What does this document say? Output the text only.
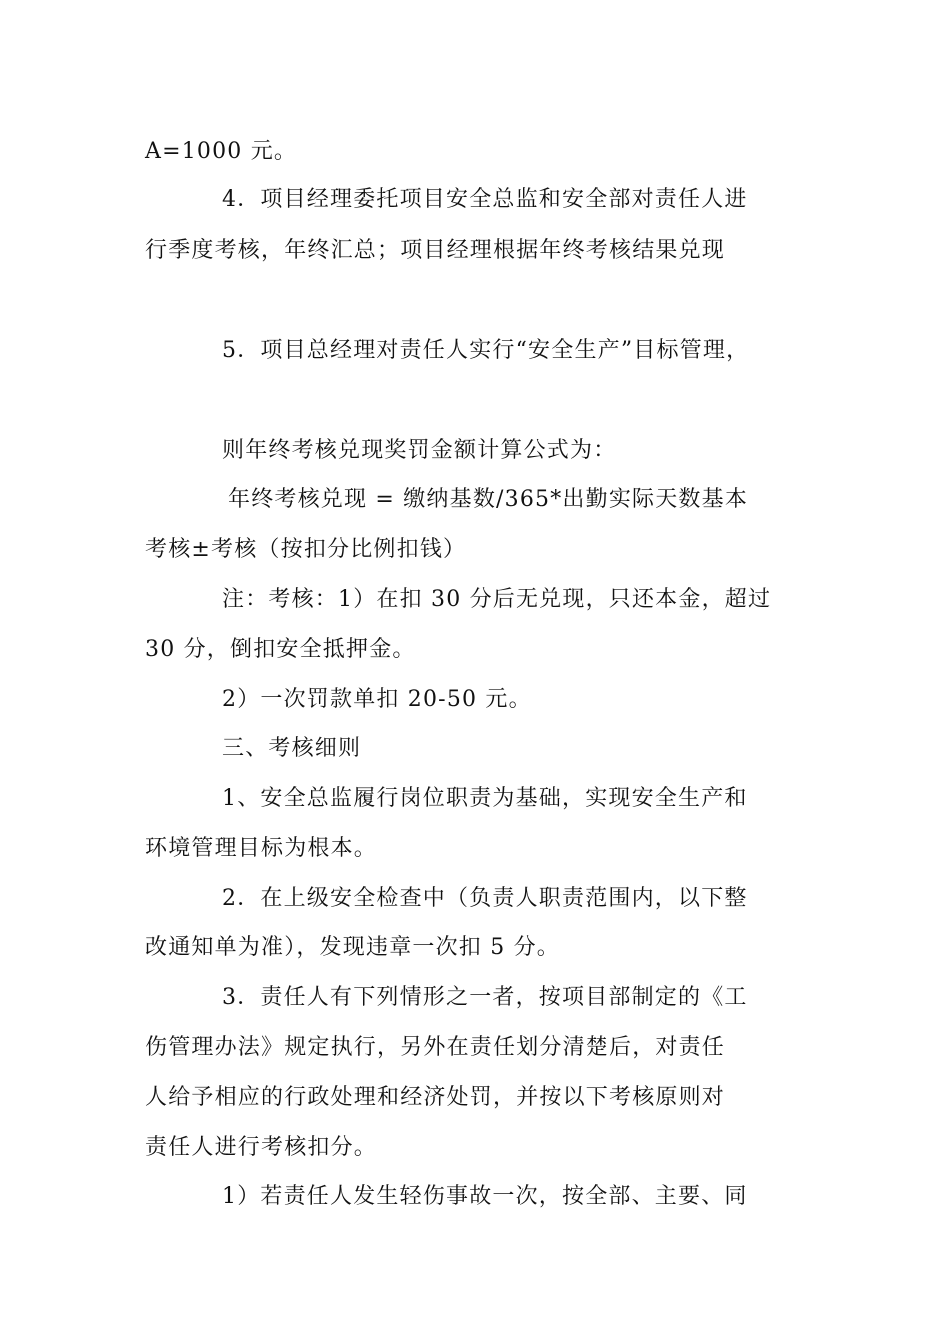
A=1000 元。
4．项目经理委托项目安全总监和安全部对责任人进
行季度考核，年终汇总；项目经理根据年终考核结果兑现
5．项目总经理对责任人实行“安全生产”目标管理，
则年终考核兑现奖罚金额计算公式为：
年终考核兑现 = 缴纳基数/365*出勤实际天数基本
考核±考核（按扣分比例扣钱）
注：考核：1）在扣 30 分后无兑现，只还本金，超过
30 分，倒扣安全抵押金。
2）一次罚款单扣 20-50 元。
三、考核细则
1、安全总监履行岗位职责为基础，实现安全生产和
环境管理目标为根本。
2．在上级安全检查中（负责人职责范围内，以下整
改通知单为准），发现违章一次扣 5 分。
3．责任人有下列情形之一者，按项目部制定的《工
伤管理办法》规定执行，另外在责任划分清楚后，对责任
人给予相应的行政处理和经济处罚，并按以下考核原则对
责任人进行考核扣分。
1）若责任人发生轻伤事故一次，按全部、主要、同
